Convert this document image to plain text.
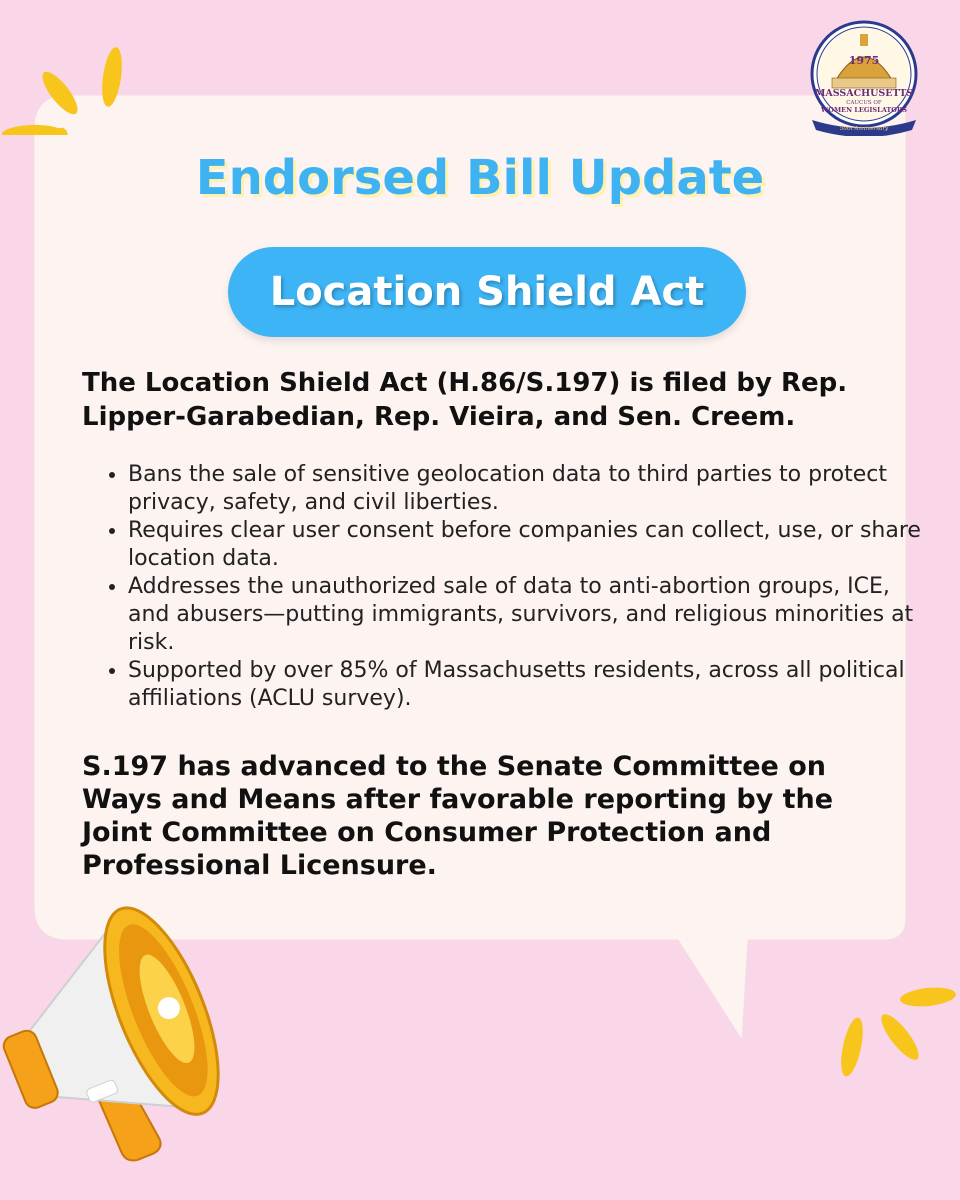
Endorsed Bill Update
Location Shield Act

The Location Shield Act (H.86/S.197) is filed by Rep. Lipper-Garabedian, Rep. Vieira, and Sen. Creem.

• Bans the sale of sensitive geolocation data to third parties to protect privacy, safety, and civil liberties.
• Requires clear user consent before companies can collect, use, or share location data.
• Addresses the unauthorized sale of data to anti-abortion groups, ICE, and abusers—putting immigrants, survivors, and religious minorities at risk.
• Supported by over 85% of Massachusetts residents, across all political affiliations (ACLU survey).

S.197 has advanced to the Senate Committee on Ways and Means after favorable reporting by the Joint Committee on Consumer Protection and Professional Licensure.

1975
MASSACHUSETTS
CAUCUS OF
WOMEN LEGISLATORS
50th Anniversary
